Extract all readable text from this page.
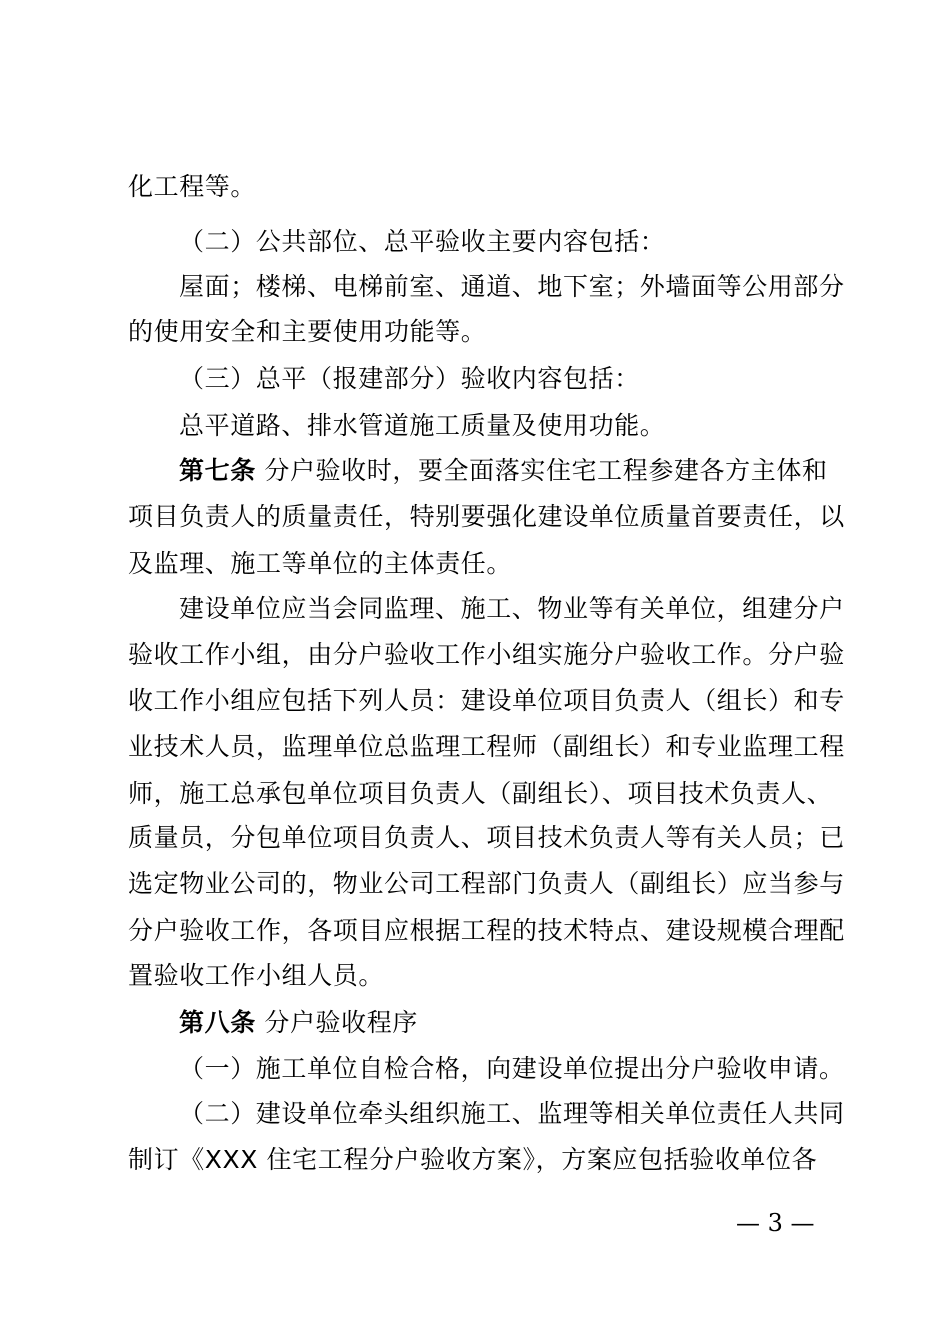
化工程等。
（二）公共部位、总平验收主要内容包括：
屋面；楼梯、电梯前室、通道、地下室；外墙面等公用部分
的使用安全和主要使用功能等。
（三）总平（报建部分）验收内容包括：
总平道路、排水管道施工质量及使用功能。
第七条 分户验收时，要全面落实住宅工程参建各方主体和
项目负责人的质量责任，特别要强化建设单位质量首要责任，以
及监理、施工等单位的主体责任。
建设单位应当会同监理、施工、物业等有关单位，组建分户
验收工作小组，由分户验收工作小组实施分户验收工作。分户验
收工作小组应包括下列人员：建设单位项目负责人（组长）和专
业技术人员，监理单位总监理工程师（副组长）和专业监理工程
师，施工总承包单位项目负责人（副组长）、项目技术负责人、
质量员，分包单位项目负责人、项目技术负责人等有关人员；已
选定物业公司的，物业公司工程部门负责人（副组长）应当参与
分户验收工作，各项目应根据工程的技术特点、建设规模合理配
置验收工作小组人员。
第八条 分户验收程序
（一）施工单位自检合格，向建设单位提出分户验收申请。
（二）建设单位牵头组织施工、监理等相关单位责任人共同
制订《XXX 住宅工程分户验收方案》，方案应包括验收单位各
— 3 —
